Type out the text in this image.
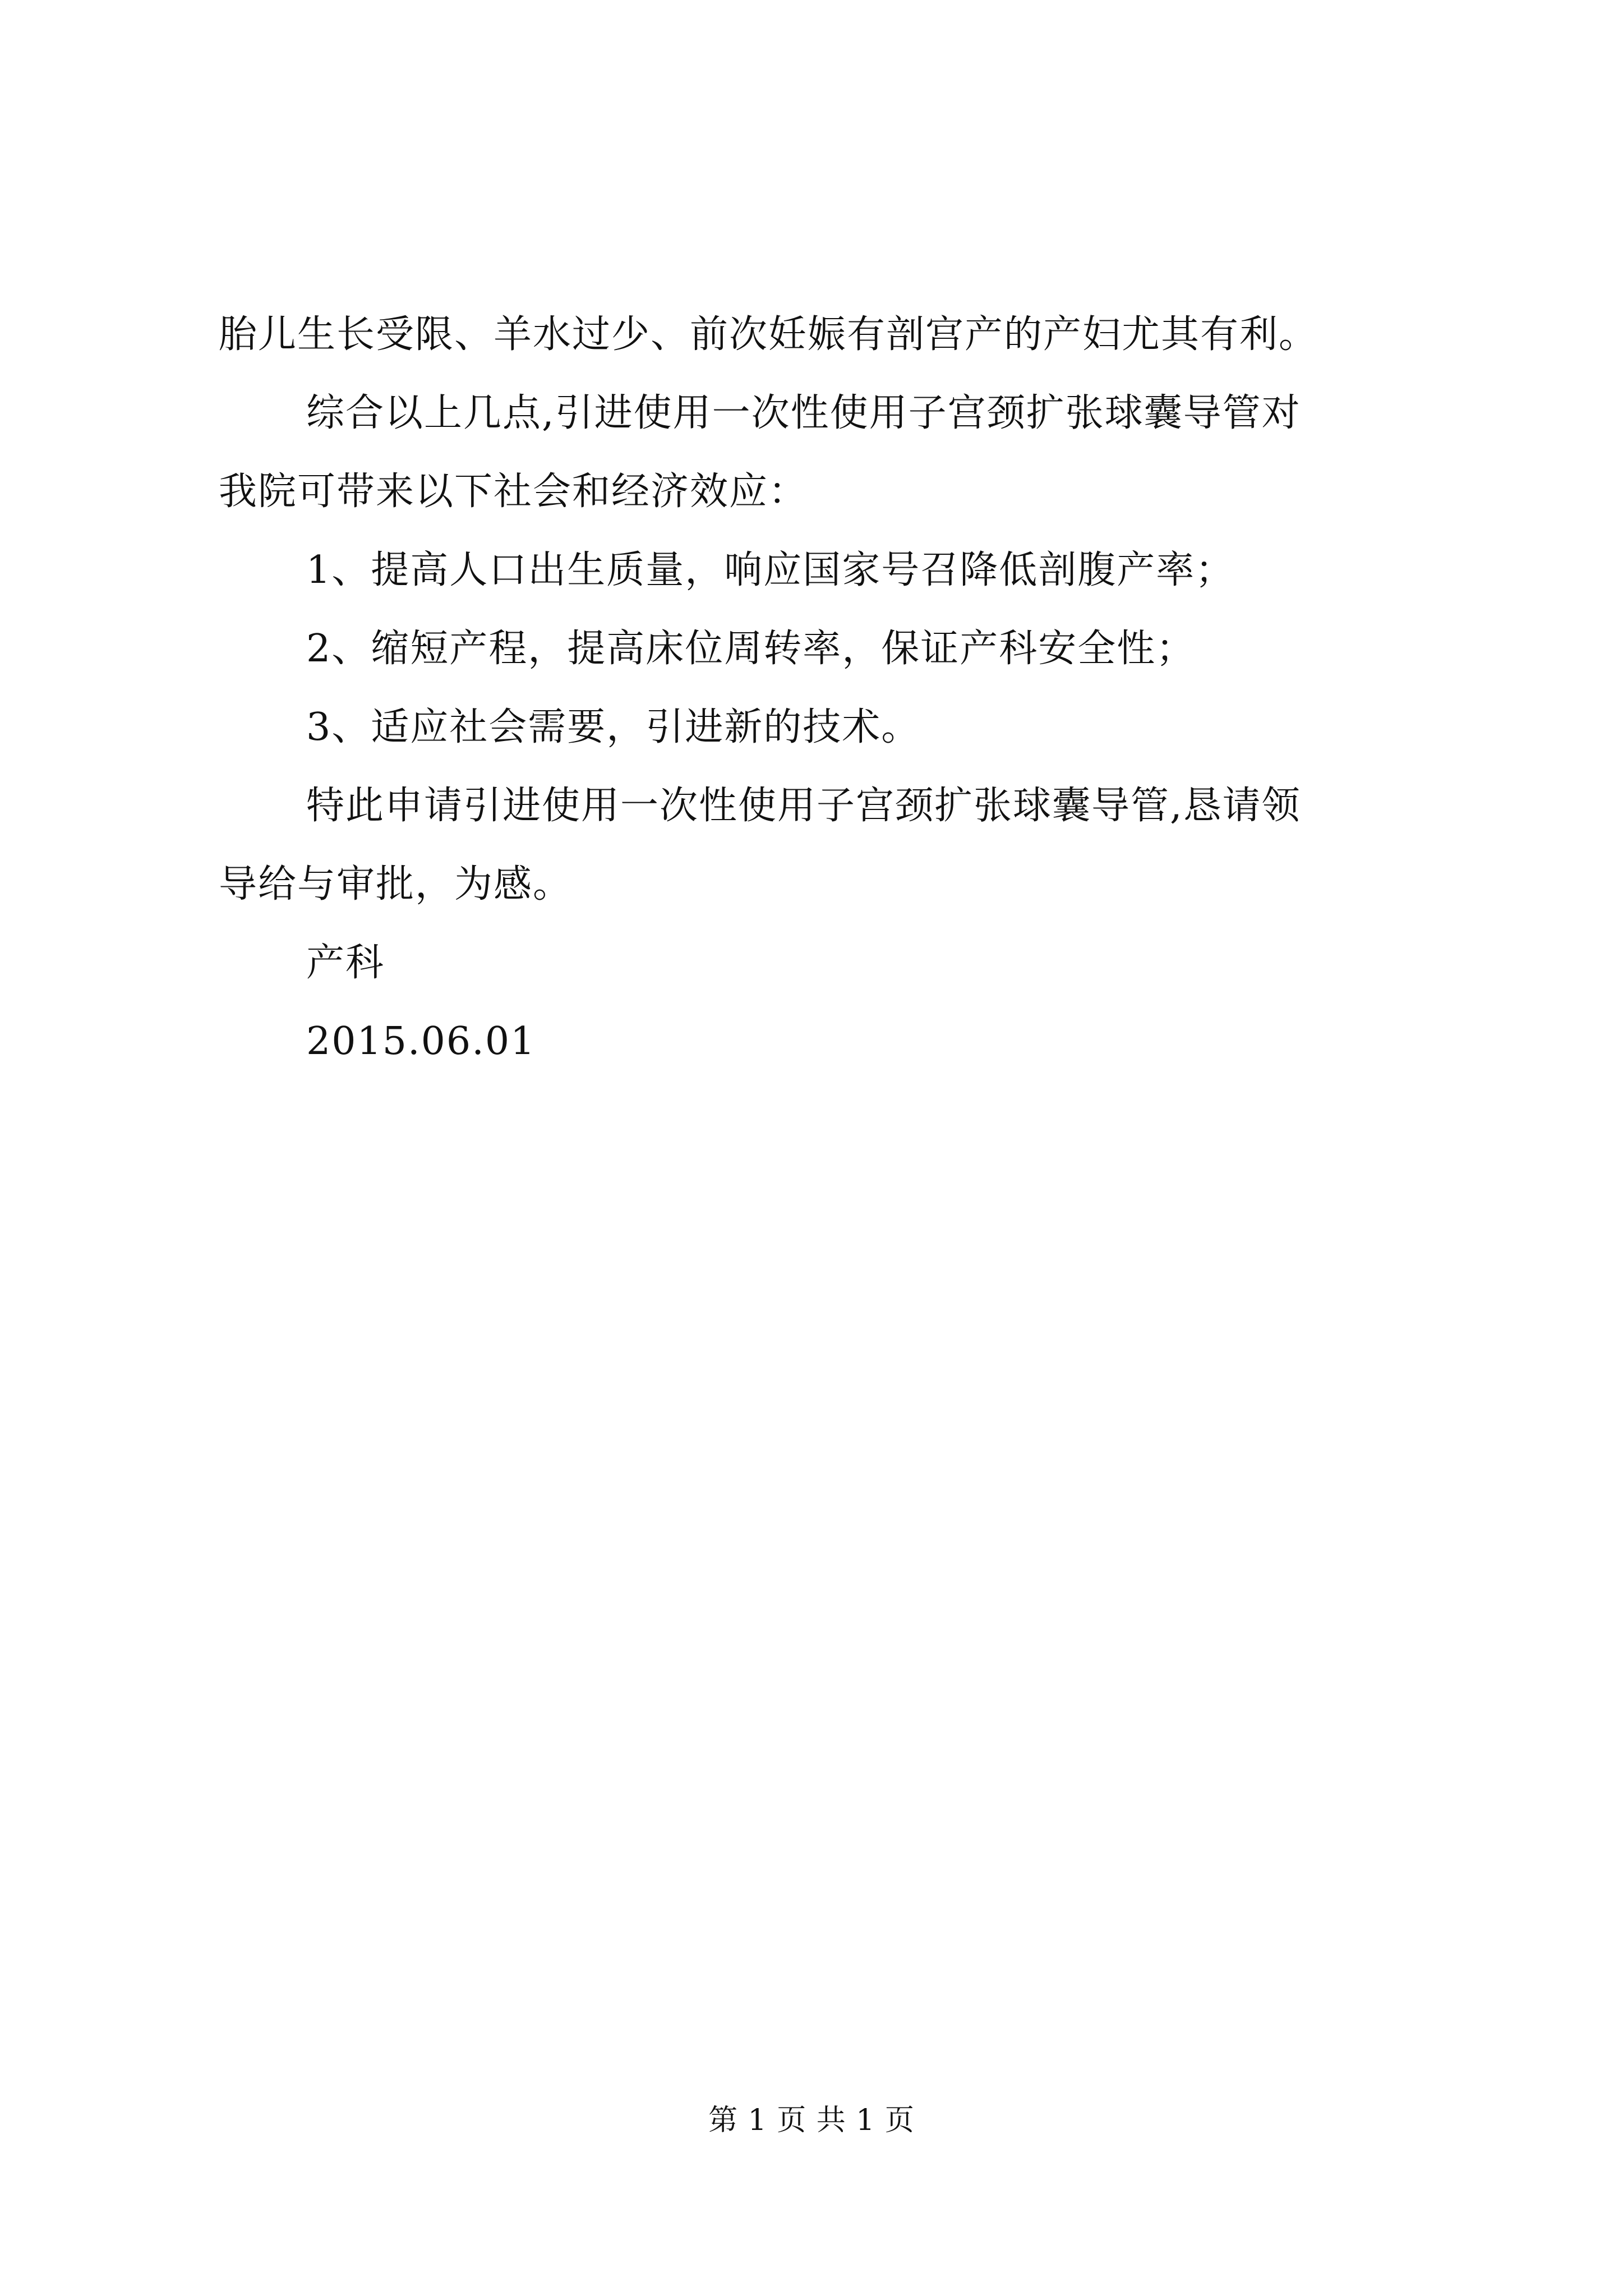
胎儿生长受限、羊水过少、前次妊娠有剖宫产的产妇尤其有利。
综合以上几点,引进使用一次性使用子宫颈扩张球囊导管对
我院可带来以下社会和经济效应：
1、提高人口出生质量，响应国家号召降低剖腹产率；
2、缩短产程，提高床位周转率，保证产科安全性；
3、适应社会需要，引进新的技术。
特此申请引进使用一次性使用子宫颈扩张球囊导管,恳请领
导给与审批，为感。
产科
2015.06.01
第 1 页 共 1 页
